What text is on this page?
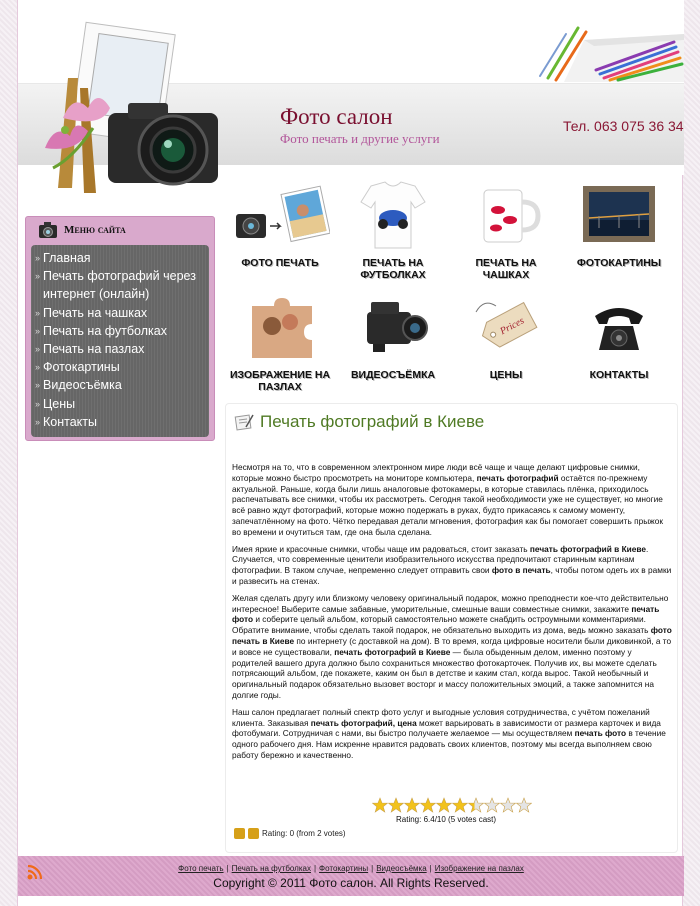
Фото салон
Фото печать и другие услуги
Тел. 063 075 36 34
Меню сайта
» Главная
» Печать фотографий через интернет (онлайн)
» Печать на чашках
» Печать на футболках
» Печать на пазлах
» Фотокартины
» Видеосъёмка
» Цены
» Контакты
ФОТО ПЕЧАТЬ	ПЕЧАТЬ НА ФУТБОЛКАХ
ПЕЧАТЬ НА ЧАШКАХ
ФОТОКАРТИНЫ
ИЗОБРАЖЕНИЕ НА ПАЗЛАХ
ВИДЕОСЪЁМКА
Prices
ЦЕНЫ	КОНТАКТЫ
Печать фотографий в Киеве

Несмотря на то, что в современном электронном мире люди всё чаще и чаще делают цифровые снимки, которые можно быстро просмотреть на мониторе компьютера, печать фотографий остаётся по-прежнему актуальной. Раньше, когда были лишь аналоговые фотокамеры, в которые ставилась плёнка, приходилось распечатывать все снимки, чтобы их рассмотреть. Сегодня такой необходимости уже не существует, но многие всё равно ждут фотографий, которые можно подержать в руках, будто прикасаясь к самому моменту, запечатлённому на фото. Чётко передавая детали мгновения, фотография как бы помогает совершить прыжок во времени и очутиться там, где она была сделана.

Имея яркие и красочные снимки, чтобы чаще им радоваться, стоит заказать печать фотографий в Киеве. Случается, что современные ценители изобразительного искусства предпочитают старинным картинам фотографии. В таком случае, непременно следует отправить свои фото в печать, чтобы потом одеть их в рамки и развесить на стенах.

Желая сделать другу или близкому человеку оригинальный подарок, можно преподнести кое-что действительно интересное! Выберите самые забавные, уморительные, смешные ваши совместные снимки, закажите печать фото и соберите целый альбом, который самостоятельно можете снабдить остроумными комментариями. Обратите внимание, чтобы сделать такой подарок, не обязательно выходить из дома, ведь можно заказать фото печать в Киеве по интернету (с доставкой на дом). В то время, когда цифровые носители были диковинкой, а то и вовсе не существовали, печать фотографий в Киеве — была обыденным делом, именно поэтому у родителей вашего друга должно было сохраниться множество фотокарточек. Получив их, вы можете сделать потрясающий альбом, где покажете, каким он был в детстве и каким стал, когда вырос. Такой необычный и оригинальный подарок обязательно вызовет восторг и массу положительных эмоций, а также запомнится на долгие годы.

Наш салон предлагает полный спектр фото услуг и выгодные условия сотрудничества, с учётом пожеланий клиента. Заказывая печать фотографий, цена может варьировать в зависимости от размера карточек и вида фотобумаги. Сотрудничая с нами, вы быстро получаете желаемое — мы осуществляем печать фото в течение одного рабочего дня. Нам искренне нравится радовать своих клиентов, поэтому мы всегда выполняем свою работу бережно и качественно.

Rating: 6.4/10 (5 votes cast)
Rating: 0 (from 2 votes)
Фото печать | Печать на футболках | Фотокартины | Видеосъёмка | Изображение на пазлах
Copyright © 2011 Фото салон. All Rights Reserved.
